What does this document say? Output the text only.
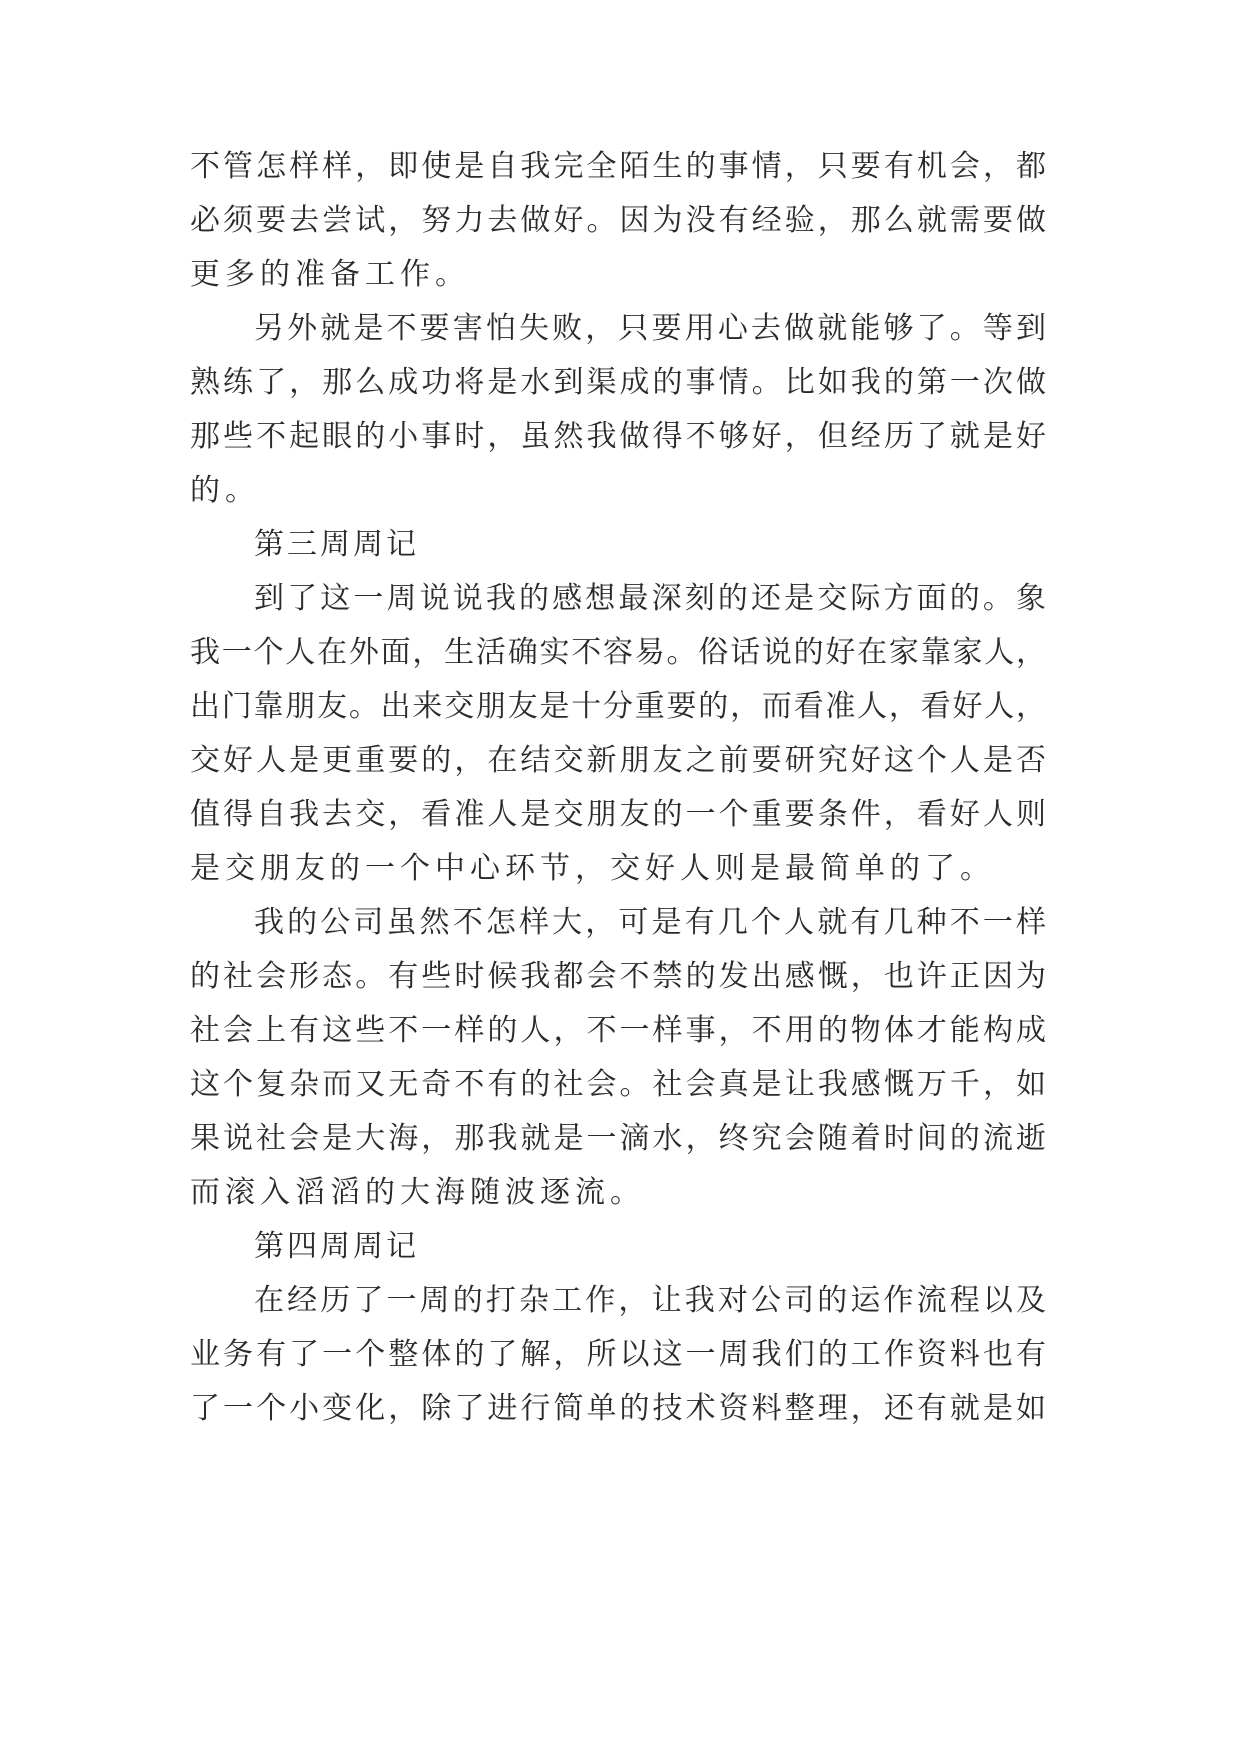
不管怎样样，即使是自我完全陌生的事情，只要有机会，都

必须要去尝试，努力去做好。因为没有经验，那么就需要做

更多的准备工作。

另外就是不要害怕失败，只要用心去做就能够了。等到

熟练了，那么成功将是水到渠成的事情。比如我的第一次做

那些不起眼的小事时，虽然我做得不够好，但经历了就是好

的。

第三周周记

到了这一周说说我的感想最深刻的还是交际方面的。象

我一个人在外面，生活确实不容易。俗话说的好在家靠家人，

出门靠朋友。出来交朋友是十分重要的，而看准人，看好人，

交好人是更重要的，在结交新朋友之前要研究好这个人是否

值得自我去交，看准人是交朋友的一个重要条件，看好人则

是交朋友的一个中心环节，交好人则是最简单的了。

我的公司虽然不怎样大，可是有几个人就有几种不一样

的社会形态。有些时候我都会不禁的发出感慨，也许正因为

社会上有这些不一样的人，不一样事，不用的物体才能构成

这个复杂而又无奇不有的社会。社会真是让我感慨万千，如

果说社会是大海，那我就是一滴水，终究会随着时间的流逝

而滚入滔滔的大海随波逐流。

第四周周记

在经历了一周的打杂工作，让我对公司的运作流程以及

业务有了一个整体的了解，所以这一周我们的工作资料也有

了一个小变化，除了进行简单的技术资料整理，还有就是如
